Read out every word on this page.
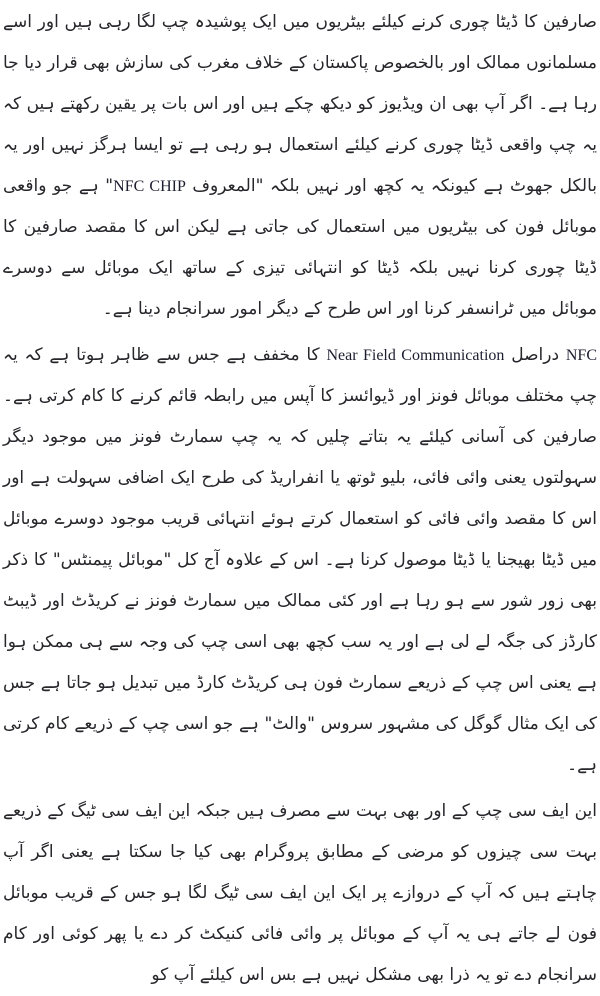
صارفین کا ڈیٹا چوری کرنے کیلئے بیٹریوں میں ایک پوشیدہ چپ لگا رہی ہیں اور اسے مسلمانوں ممالک اور بالخصوص پاکستان کے خلاف مغرب کی سازش بھی قرار دیا جا رہا ہے۔ اگر آپ بھی ان ویڈیوز کو دیکھ چکے ہیں اور اس بات پر یقین رکھتے ہیں کہ یہ چپ واقعی ڈیٹا چوری کرنے کیلئے استعمال ہو رہی ہے تو ایسا ہرگز نہیں اور یہ بالکل جھوٹ ہے کیونکہ یہ کچھ اور نہیں بلکہ "المعروف NFC CHIP" ہے جو واقعی موبائل فون کی بیٹریوں میں استعمال کی جاتی ہے لیکن اس کا مقصد صارفین کا ڈیٹا چوری کرنا نہیں بلکہ ڈیٹا کو انتہائی تیزی کے ساتھ ایک موبائل سے دوسرے موبائل میں ٹرانسفر کرنا اور اس طرح کے دیگر امور سرانجام دینا ہے۔

NFC دراصل Near Field Communication کا مخفف ہے جس سے ظاہر ہوتا ہے کہ یہ چپ مختلف موبائل فونز اور ڈیوائسز کا آپس میں رابطہ قائم کرنے کا کام کرتی ہے۔ صارفین کی آسانی کیلئے یہ بتاتے چلیں کہ یہ چپ سمارٹ فونز میں موجود دیگر سہولتوں یعنی وائی فائی، بلیو ٹوتھ یا انفراریڈ کی طرح ایک اضافی سہولت ہے اور اس کا مقصد وائی فائی کو استعمال کرتے ہوئے انتہائی قریب موجود دوسرے موبائل میں ڈیٹا بھیجنا یا ڈیٹا موصول کرنا ہے۔ اس کے علاوہ آج کل "موبائل پیمنٹس" کا ذکر بھی زور شور سے ہو رہا ہے اور کئی ممالک میں سمارٹ فونز نے کریڈٹ اور ڈیبٹ کارڈز کی جگہ لے لی ہے اور یہ سب کچھ بھی اسی چپ کی وجہ سے ہی ممکن ہوا ہے یعنی اس چپ کے ذریعے سمارٹ فون ہی کریڈٹ کارڈ میں تبدیل ہو جاتا ہے جس کی ایک مثال گوگل کی مشہور سروس "والٹ" ہے جو اسی چپ کے ذریعے کام کرتی ہے۔

این ایف سی چپ کے اور بھی بہت سے مصرف ہیں جبکہ این ایف سی ٹیگ کے ذریعے بہت سی چیزوں کو مرضی کے مطابق پروگرام بھی کیا جا سکتا ہے یعنی اگر آپ چاہتے ہیں کہ آپ کے دروازے پر ایک این ایف سی ٹیگ لگا ہو جس کے قریب موبائل فون لے جاتے ہی یہ آپ کے موبائل پر وائی فائی کنیکٹ کر دے یا پھر کوئی اور کام سرانجام دے تو یہ ذرا بھی مشکل نہیں ہے بس اس کیلئے آپ کو
